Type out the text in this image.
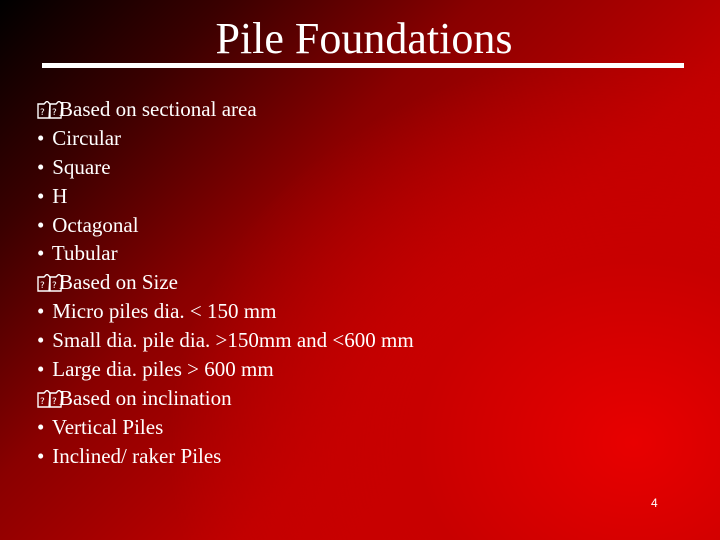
Pile Foundations
? ? Based on sectional area
• Circular
• Square
• H
• Octagonal
• Tubular
? ? Based on Size
• Micro piles dia. < 150 mm
• Small dia. pile dia. >150mm and <600 mm
• Large dia. piles > 600 mm
? ? Based on inclination
• Vertical Piles
• Inclined/ raker Piles
4
